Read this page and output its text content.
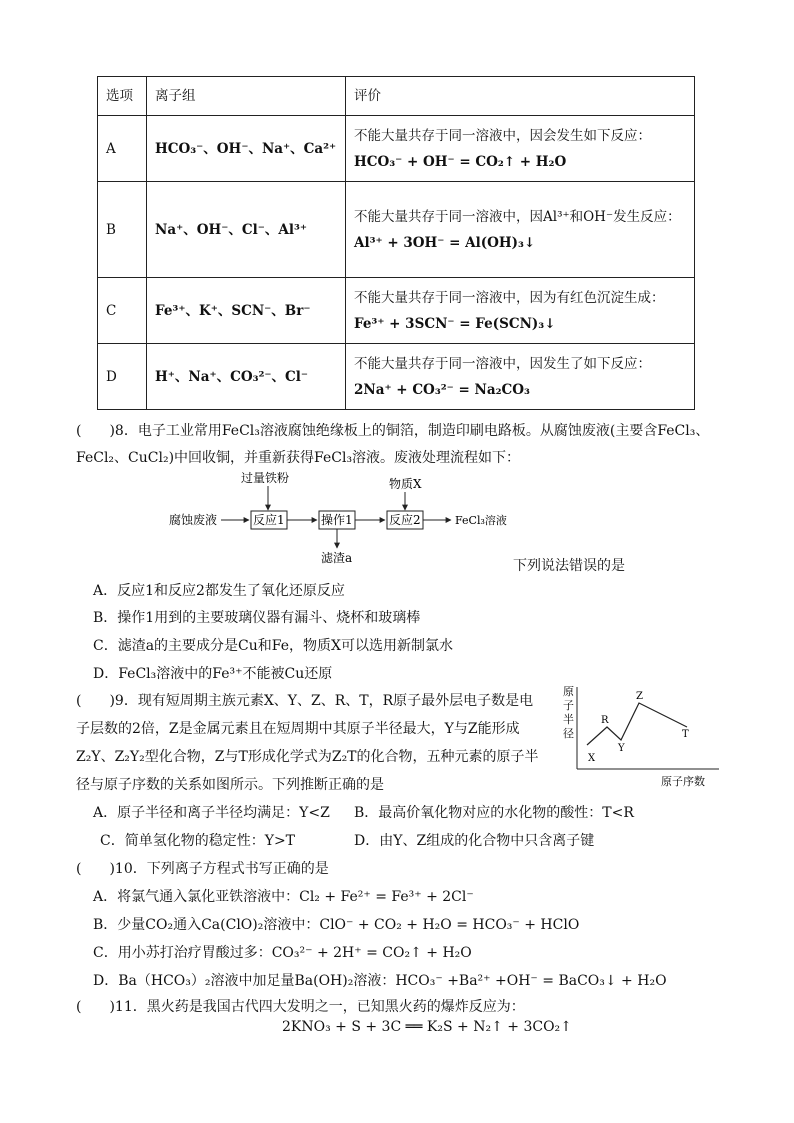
选项	离子组	评价
A	HCO₃⁻、OH⁻、Na⁺、Ca²⁺	不能大量共存于同一溶液中，因会发生如下反应：
HCO₃⁻ + OH⁻ = CO₂↑ + H₂O

B	Na⁺、OH⁻、Cl⁻、Al³⁺	不能大量共存于同一溶液中，因Al³⁺和OH⁻发生反应：
Al³⁺ + 3OH⁻ = Al(OH)₃↓

C	Fe³⁺、K⁺、SCN⁻、Br⁻	不能大量共存于同一溶液中，因为有红色沉淀生成：
Fe³⁺ + 3SCN⁻ = Fe(SCN)₃↓

D	H⁺、Na⁺、CO₃²⁻、Cl⁻	不能大量共存于同一溶液中，因发生了如下反应：
2Na⁺ + CO₃²⁻ = Na₂CO₃
(　　)8．电子工业常用FeCl₃溶液腐蚀绝缘板上的铜箔，制造印刷电路板。从腐蚀废液(主要含FeCl₃、
FeCl₂、CuCl₂)中回收铜，并重新获得FeCl₃溶液。废液处理流程如下：
腐蚀废液
过量铁粉
反应1	操作1
滤渣a
物质X
反应2	FeCl₃溶液
下列说法错误的是
A．反应1和反应2都发生了氧化还原反应
B．操作1用到的主要玻璃仪器有漏斗、烧杯和玻璃棒
C．滤渣a的主要成分是Cu和Fe，物质X可以选用新制氯水
D．FeCl₃溶液中的Fe³⁺不能被Cu还原
(　　)9．现有短周期主族元素X、Y、Z、R、T，R原子最外层电子数是电
子层数的2倍，Z是金属元素且在短周期中其原子半径最大，Y与Z能形成
Z₂Y、Z₂Y₂型化合物，Z与T形成化学式为Z₂T的化合物，五种元素的原子半
径与原子序数的关系如图所示。下列推断正确的是
原
子
半
径
X
R
Y
Z
T
原子序数
A．原子半径和离子半径均满足：Y<Z B．最高价氧化物对应的水化物的酸性：T<R
C．简单氢化物的稳定性：Y>T	D．由Y、Z组成的化合物中只含离子键
(　　)10．下列离子方程式书写正确的是
A．将氯气通入氯化亚铁溶液中：Cl₂ + Fe²⁺ = Fe³⁺ + 2Cl⁻
B．少量CO₂通入Ca(ClO)₂溶液中：ClO⁻ + CO₂ + H₂O = HCO₃⁻ + HClO
C．用小苏打治疗胃酸过多：CO₃²⁻ + 2H⁺ = CO₂↑ + H₂O
D．Ba（HCO₃）₂溶液中加足量Ba(OH)₂溶液：HCO₃⁻ +Ba²⁺ +OH⁻ = BaCO₃↓ + H₂O
(　　)11．黑火药是我国古代四大发明之一，已知黑火药的爆炸反应为：
2KNO₃ + S + 3C ══ K₂S + N₂↑ + 3CO₂↑
